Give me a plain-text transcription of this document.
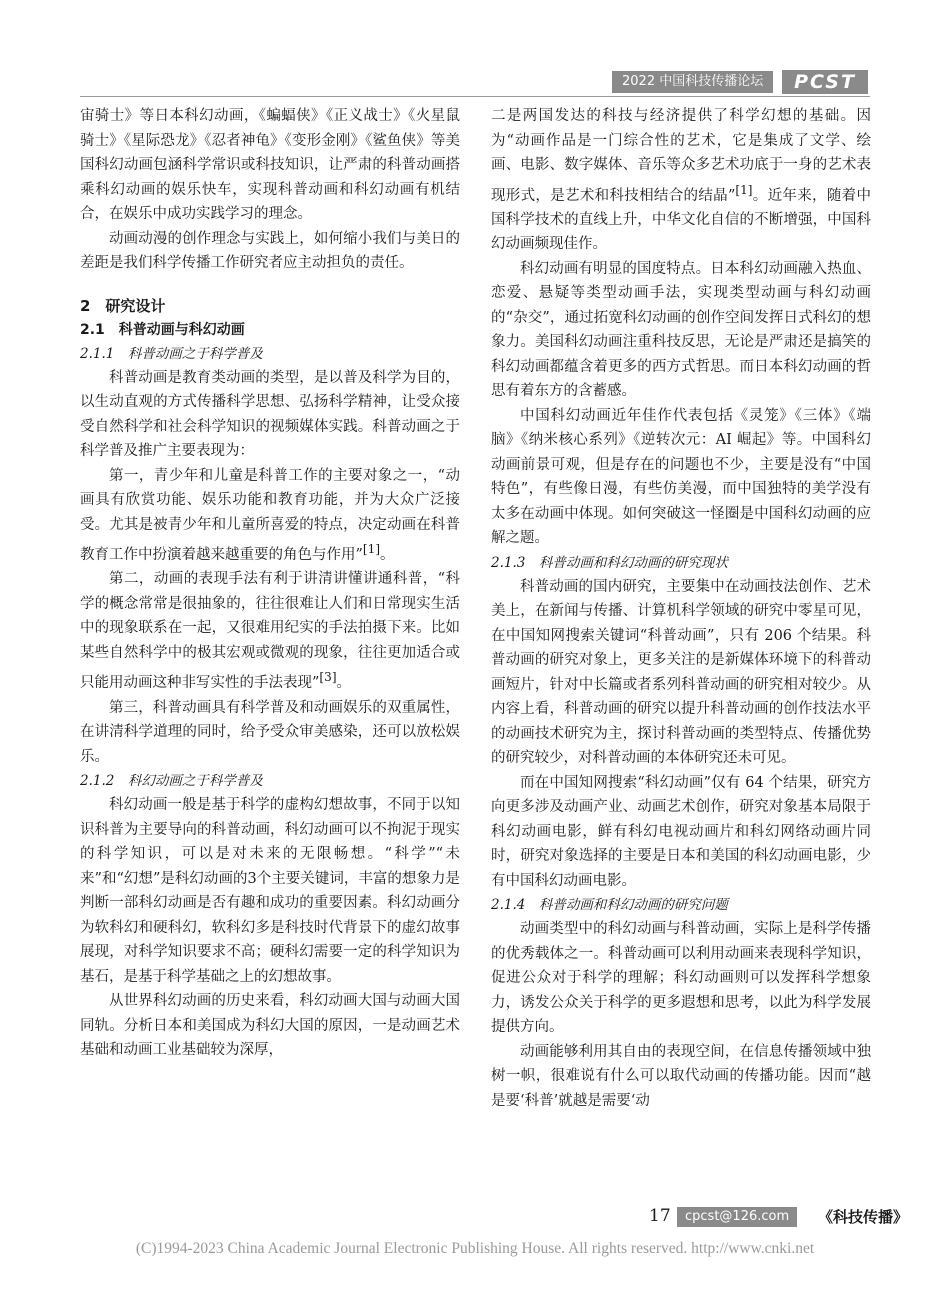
2022 中国科技传播论坛	PCST

宙骑士》等日本科幻动画，《蝙蝠侠》《正义战士》《火星鼠骑士》《星际恐龙》《忍者神龟》《变形金刚》《鲨鱼侠》等美国科幻动画包涵科学常识或科技知识，让严肃的科普动画搭乘科幻动画的娱乐快车，实现科普动画和科幻动画有机结合，在娱乐中成功实践学习的理念。

动画动漫的创作理念与实践上，如何缩小我们与美日的差距是我们科学传播工作研究者应主动担负的责任。

2　研究设计

2.1　科普动画与科幻动画

2.1.1　科普动画之于科学普及

科普动画是教育类动画的类型，是以普及科学为目的，以生动直观的方式传播科学思想、弘扬科学精神，让受众接受自然科学和社会科学知识的视频媒体实践。科普动画之于科学普及推广主要表现为：

第一，青少年和儿童是科普工作的主要对象之一，“动画具有欣赏功能、娱乐功能和教育功能，并为大众广泛接受。尤其是被青少年和儿童所喜爱的特点，决定动画在科普教育工作中扮演着越来越重要的角色与作用”[1]。

第二，动画的表现手法有利于讲清讲懂讲通科普，“科学的概念常常是很抽象的，往往很难让人们和日常现实生活中的现象联系在一起，又很难用纪实的手法拍摄下来。比如某些自然科学中的极其宏观或微观的现象，往往更加适合或只能用动画这种非写实性的手法表现”[3]。

第三，科普动画具有科学普及和动画娱乐的双重属性，在讲清科学道理的同时，给予受众审美感染，还可以放松娱乐。

2.1.2　科幻动画之于科学普及

科幻动画一般是基于科学的虚构幻想故事，不同于以知识科普为主要导向的科普动画，科幻动画可以不拘泥于现实的科学知识，可以是对未来的无限畅想。“科学”“未来”和“幻想”是科幻动画的3个主要关键词，丰富的想象力是判断一部科幻动画是否有趣和成功的重要因素。科幻动画分为软科幻和硬科幻，软科幻多是科技时代背景下的虚幻故事展现，对科学知识要求不高；硬科幻需要一定的科学知识为基石，是基于科学基础之上的幻想故事。

从世界科幻动画的历史来看，科幻动画大国与动画大国同轨。分析日本和美国成为科幻大国的原因，一是动画艺术基础和动画工业基础较为深厚，

二是两国发达的科技与经济提供了科学幻想的基础。因为“动画作品是一门综合性的艺术，它是集成了文学、绘画、电影、数字媒体、音乐等众多艺术功底于一身的艺术表现形式，是艺术和科技相结合的结晶”[1]。近年来，随着中国科学技术的直线上升，中华文化自信的不断增强，中国科幻动画频现佳作。

科幻动画有明显的国度特点。日本科幻动画融入热血、恋爱、悬疑等类型动画手法，实现类型动画与科幻动画的“杂交”，通过拓宽科幻动画的创作空间发挥日式科幻的想象力。美国科幻动画注重科技反思，无论是严肃还是搞笑的科幻动画都蕴含着更多的西方式哲思。而日本科幻动画的哲思有着东方的含蓄感。

中国科幻动画近年佳作代表包括《灵笼》《三体》《端脑》《纳米核心系列》《逆转次元：AI 崛起》等。中国科幻动画前景可观，但是存在的问题也不少，主要是没有“中国特色”，有些像日漫，有些仿美漫，而中国独特的美学没有太多在动画中体现。如何突破这一怪圈是中国科幻动画的应解之题。

2.1.3　科普动画和科幻动画的研究现状

科普动画的国内研究，主要集中在动画技法创作、艺术美上，在新闻与传播、计算机科学领域的研究中零星可见，在中国知网搜索关键词“科普动画”，只有 206 个结果。科普动画的研究对象上，更多关注的是新媒体环境下的科普动画短片，针对中长篇或者系列科普动画的研究相对较少。从内容上看，科普动画的研究以提升科普动画的创作技法水平的动画技术研究为主，探讨科普动画的类型特点、传播优势的研究较少，对科普动画的本体研究还未可见。

而在中国知网搜索“科幻动画”仅有 64 个结果，研究方向更多涉及动画产业、动画艺术创作，研究对象基本局限于科幻动画电影，鲜有科幻电视动画片和科幻网络动画片同时，研究对象选择的主要是日本和美国的科幻动画电影，少有中国科幻动画电影。

2.1.4　科普动画和科幻动画的研究问题

动画类型中的科幻动画与科普动画，实际上是科学传播的优秀载体之一。科普动画可以利用动画来表现科学知识，促进公众对于科学的理解；科幻动画则可以发挥科学想象力，诱发公众关于科学的更多遐想和思考，以此为科学发展提供方向。

动画能够利用其自由的表现空间，在信息传播领域中独树一帜，很难说有什么可以取代动画的传播功能。因而“越是要‘科普’就越是需要‘动

17	cpcst@126.com	《科技传播》
(C)1994-2023 China Academic Journal Electronic Publishing House. All rights reserved. http://www.cnki.net
